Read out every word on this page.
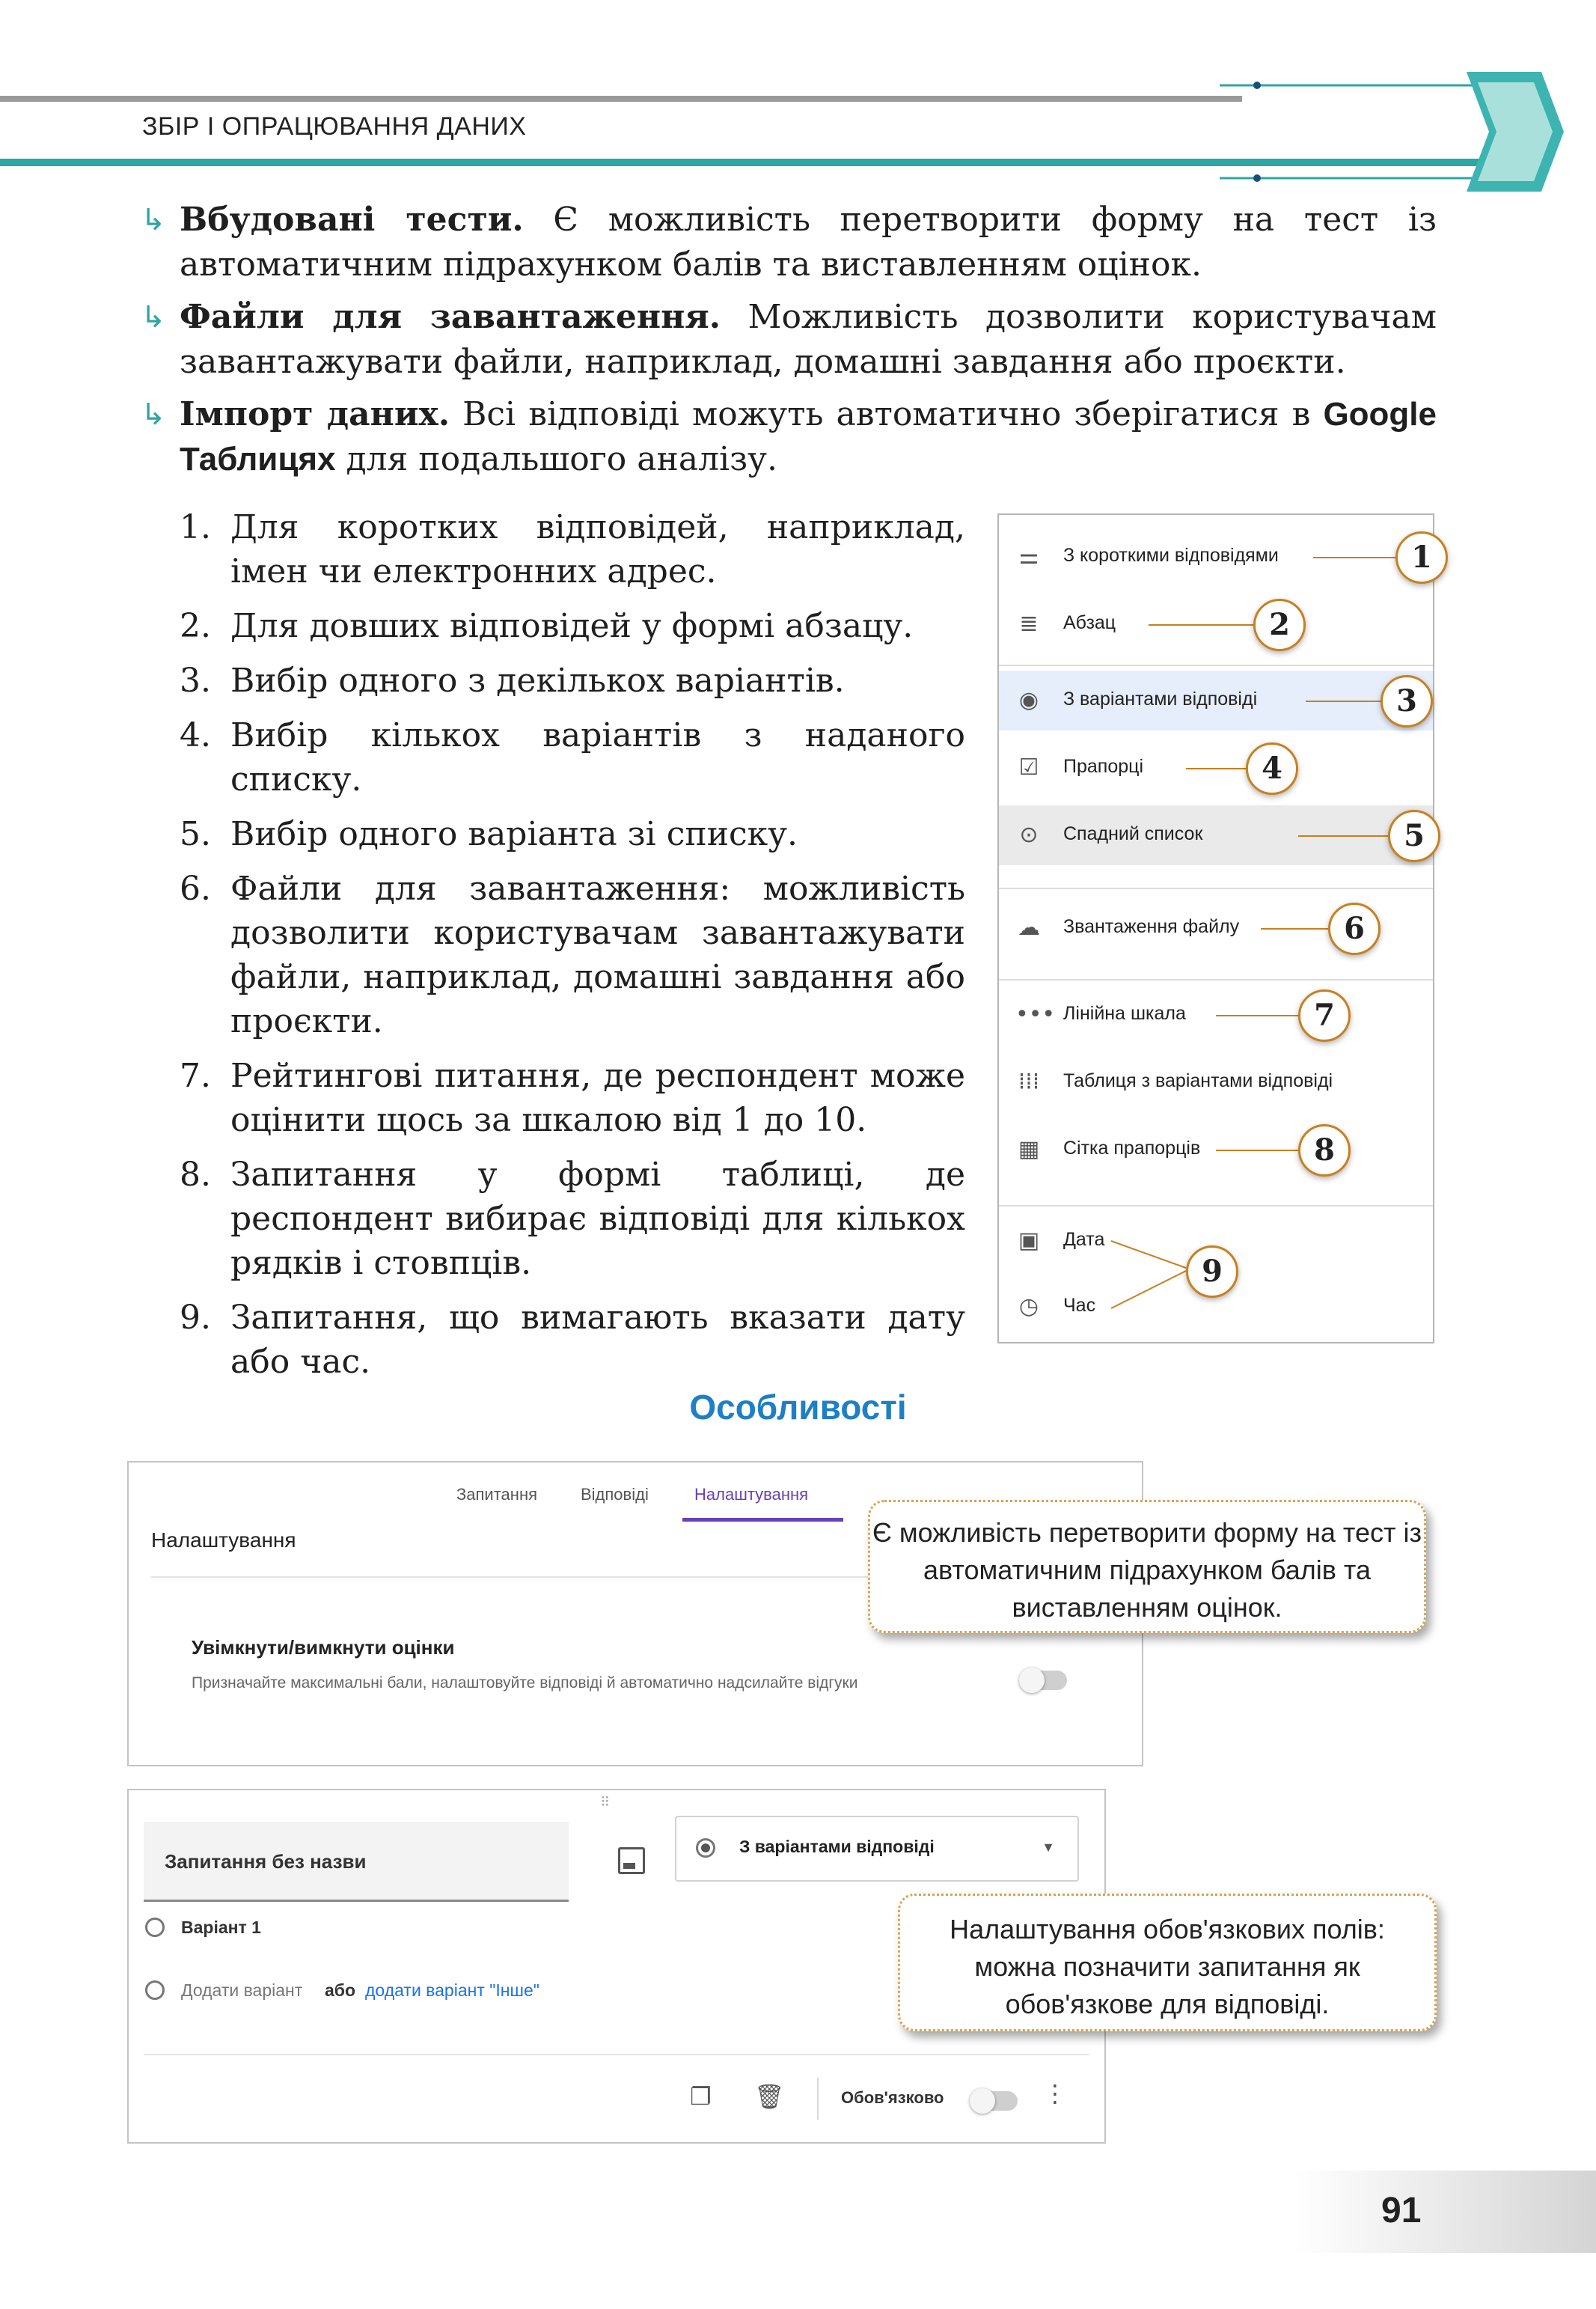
ЗБІР І ОПРАЦЮВАННЯ ДАНИХ
↳ Вбудовані тести. Є можливість перетворити форму на тест із автоматичним підрахунком балів та виставленням оцінок.
↳ Файли для завантаження. Можливість дозволити користувачам завантажувати файли, наприклад, домашні завдання або проєкти.
↳ Імпорт даних. Всі відповіді можуть автоматично зберігатися в Google Таблицях для подальшого аналізу.
1. Для коротких відповідей, наприклад, імен чи електронних адрес.
2. Для довших відповідей у формі абзацу.
3. Вибір одного з декількох варіантів.
4. Вибір кількох варіантів з наданого списку.
5. Вибір одного варіанта зі списку.
6. Файли для завантаження: можливість дозволити користувачам завантажувати файли, наприклад, домашні завдання або проєкти.
7. Рейтингові питання, де респондент може оцінити щось за шкалою від 1 до 10.
8. Запитання у формі таблиці, де респондент вибирає відповіді для кількох рядків і стовпців.
9. Запитання, що вимагають вказати дату або час.
⚌ З короткими відповідями
≣ Абзац
◉ З варіантами відповіді
☑ Прапорці
⊙ Спадний список
☁ Звантаження файлу
••• Лінійна шкала
⁞⁞⁞ Таблиця з варіантами відповіді
▦ Сітка прапорців
▣ Дата
◷ Час
1
2
3
4
5
6
7
8
9
Особливості
Запитання	Відповіді	Налаштування
Налаштування
Увімкнути/вимкнути оцінки
Призначайте максимальні бали, налаштовуйте відповіді й автоматично надсилайте відгуки
⠿
Запитання без назви
З варіантами відповіді	▼
Варіант 1
Додати варіант або додати варіант "Інше"
❐ 🗑	Обов'язково	⋮
Є можливість перетворити форму на тест із автоматичним підрахунком балів та виставленням оцінок.
Налаштування обов'язкових полів: можна позначити запитання як обов'язкове для відповіді.
91
